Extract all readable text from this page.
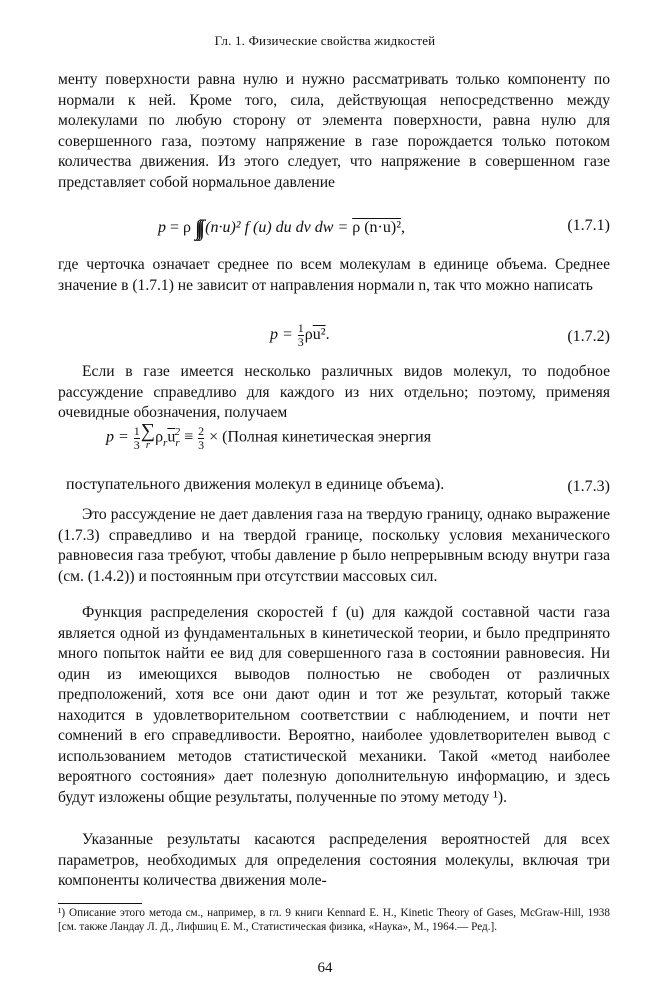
Гл. 1. Физические свойства жидкостей

менту поверхности равна нулю и нужно рассматривать только компоненту по нормали к ней. Кроме того, сила, действующая непосредственно между молекулами по любую сторону от элемента поверхности, равна нулю для совершенного газа, поэтому напряжение в газе порождается только потоком количества движения. Из этого следует, что напряжение в совершенном газе представляет собой нормальное давление

p = ρ ∫∫∫ (n·u)² f (u) du dv dw = ρ (n·u)²,	(1.7.1)

где черточка означает среднее по всем молекулам в единице объема. Среднее значение в (1.7.1) не зависит от направления нормали n, так что можно написать

$p = \frac{1}{3} \rho u^2$.	(1.7.2)

Если в газе имеется несколько различных видов молекул, то подобное рассуждение справедливо для каждого из них отдельно; поэтому, применяя очевидные обозначения, получаем

$p = \frac{1}{3}$ ∑
r $\rho_r\overline{u}_r^2 \equiv \frac{2}{3}$ × (Полная кинетическая энергия
поступательного движения молекул в единице объема).	(1.7.3)

Это рассуждение не дает давления газа на твердую границу, однако выражение (1.7.3) справедливо и на твердой границе, поскольку условия механического равновесия газа требуют, чтобы давление p было непрерывным всюду внутри газа (см. (1.4.2)) и постоянным при отсутствии массовых сил.

Функция распределения скоростей f (u) для каждой составной части газа является одной из фундаментальных в кинетической теории, и было предпринято много попыток найти ее вид для совершенного газа в состоянии равновесия. Ни один из имеющихся выводов полностью не свободен от различных предположений, хотя все они дают один и тот же результат, который также находится в удовлетворительном соответствии с наблюдением, и почти нет сомнений в его справедливости. Вероятно, наиболее удовлетворителен вывод с использованием методов статистической механики. Такой «метод наиболее вероятного состояния» дает полезную дополнительную информацию, и здесь будут изложены общие результаты, полученные по этому методу ¹).

Указанные результаты касаются распределения вероятностей для всех параметров, необходимых для определения состояния молекулы, включая три компоненты количества движения моле-

¹) Описание этого метода см., например, в гл. 9 книги Kennard E. H., Kinetic Theory of Gases, McGraw-Hill, 1938 [см. также Ландау Л. Д., Лифшиц Е. М., Статистическая физика, «Наука», М., 1964.— Ред.].

64
